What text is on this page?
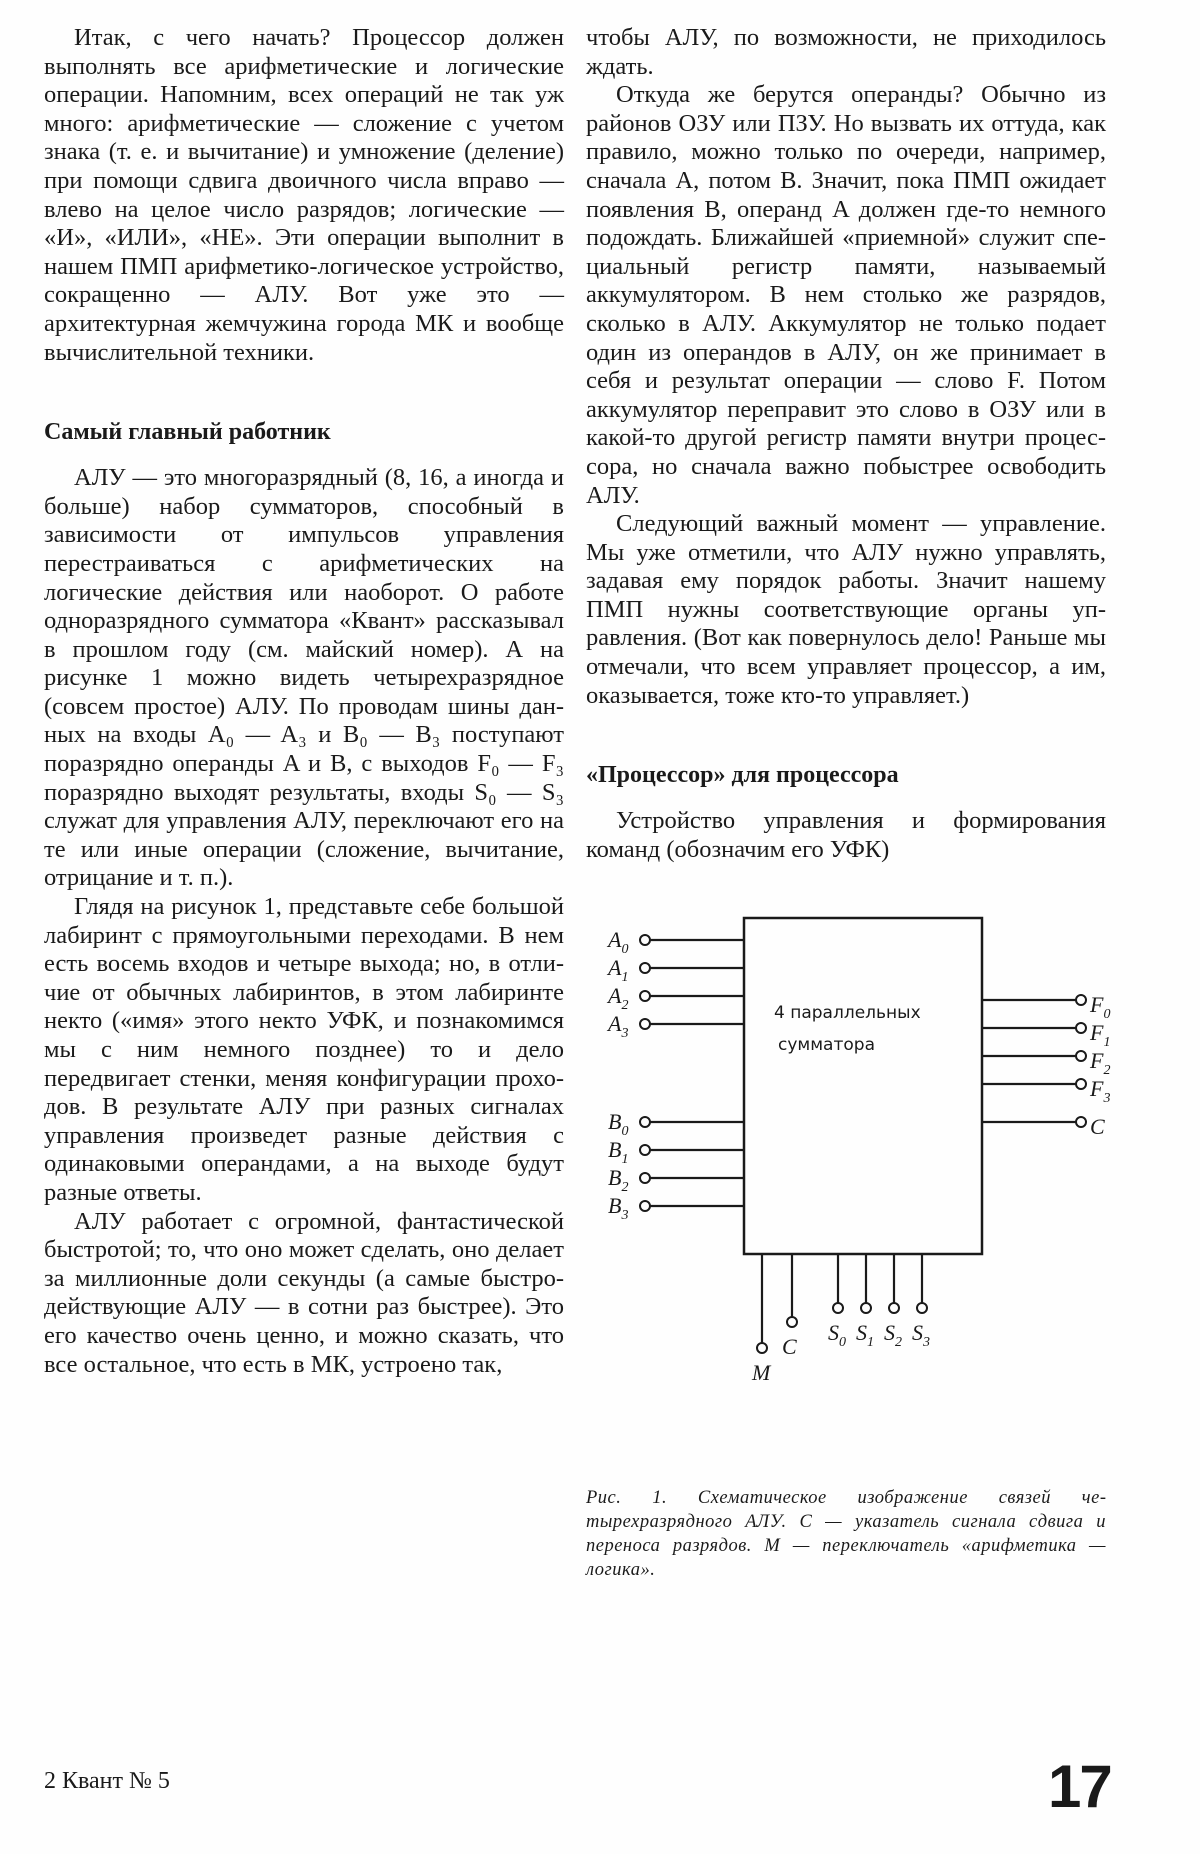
Итак, с чего начать? Процессор должен выполнять все арифметические и логические операции. Напомним, всех операций не так уж много: арифметические — сложение с учетом знака (т. е. и вычитание) и умножение (деление) при помощи сдвига двоичного числа вправо — влево на целое число разрядов; логические — «И», «ИЛИ», «НЕ». Эти операции выполнит в нашем ПМП арифметико-логическое устройство, сокращенно — АЛУ. Вот уже это — архитектурная жемчужина города МК и вообще вычислительной техники.

Самый главный работник

АЛУ — это многоразрядный (8, 16, а иногда и больше) набор сумматоров, способный в зависимости от импульсов управления перестраиваться с арифметических на логические действия или наоборот. О работе одноразрядного сумматора «Квант» рассказывал в прошлом году (см. майский номер). А на рисунке 1 можно видеть четырехразрядное (совсем простое) АЛУ. По проводам шины данных на входы A₀ — A₃ и B₀ — B₃ поступают поразрядно операнды A и B, с выходов F₀ — F₃ поразрядно выходят результаты, входы S₀ — S₃ служат для управления АЛУ, переключают его на те или иные операции (сложение, вычитание, отрицание и т. п.).

Глядя на рисунок 1, представьте себе большой лабиринт с прямоугольными переходами. В нем есть восемь входов и четыре выхода; но, в отличие от обычных лабиринтов, в этом лабиринте некто («имя» этого некто УФК, и познакомимся мы с ним немного позднее) то и дело передвигает стенки, меняя конфигурации проходов. В результате АЛУ при разных сигналах управления произведет разные действия с одинаковыми операндами, а на выходе будут разные ответы.

АЛУ работает с огромной, фантастической быстротой; то, что оно может сделать, оно делает за миллионные доли секунды (а самые быстродействующие АЛУ — в сотни раз быстрее). Это его качество очень ценно, и можно сказать, что все остальное, что есть в МК, устроено так,

чтобы АЛУ, по возможности, не приходилось ждать.

Откуда же берутся операнды? Обычно из районов ОЗУ или ПЗУ. Но вызвать их оттуда, как правило, можно только по очереди, например, сначала A, потом B. Значит, пока ПМП ожидает появления B, операнд A должен где-то немного подождать. Ближайшей «приемной» служит специальный регистр памяти, называемый аккумулятором. В нем столько же разрядов, сколько в АЛУ. Аккумулятор не только подает один из операндов в АЛУ, он же принимает в себя и результат операции — слово F. Потом аккумулятор переправит это слово в ОЗУ или в какой-то другой регистр памяти внутри процессора, но сначала важно побыстрее освободить АЛУ.

Следующий важный момент — управление. Мы уже отметили, что АЛУ нужно управлять, задавая ему порядок работы. Значит нашему ПМП нужны соответствующие органы управления. (Вот как повернулось дело! Раньше мы отмечали, что всем управляет процессор, а им, оказывается, тоже кто-то управляет.)

«Процессор» для процессора

Устройство управления и формирования команд (обозначим его УФК)

4 параллельных
сумматора
$A_0$
$A_1$
$A_2$
$A_3$
$B_0$
$B_1$
$B_2$
$B_3$
$F_0$
$F_1$
$F_2$
$F_3$
C
M
C
$S_0$ $S_1$ $S_2$ $S_3$

Рис. 1. Схематическое изображение связей четырехразрядного АЛУ. С — указатель сигнала сдвига и переноса разрядов. М — переключатель «арифметика — логика».

2 Квант № 5	17
